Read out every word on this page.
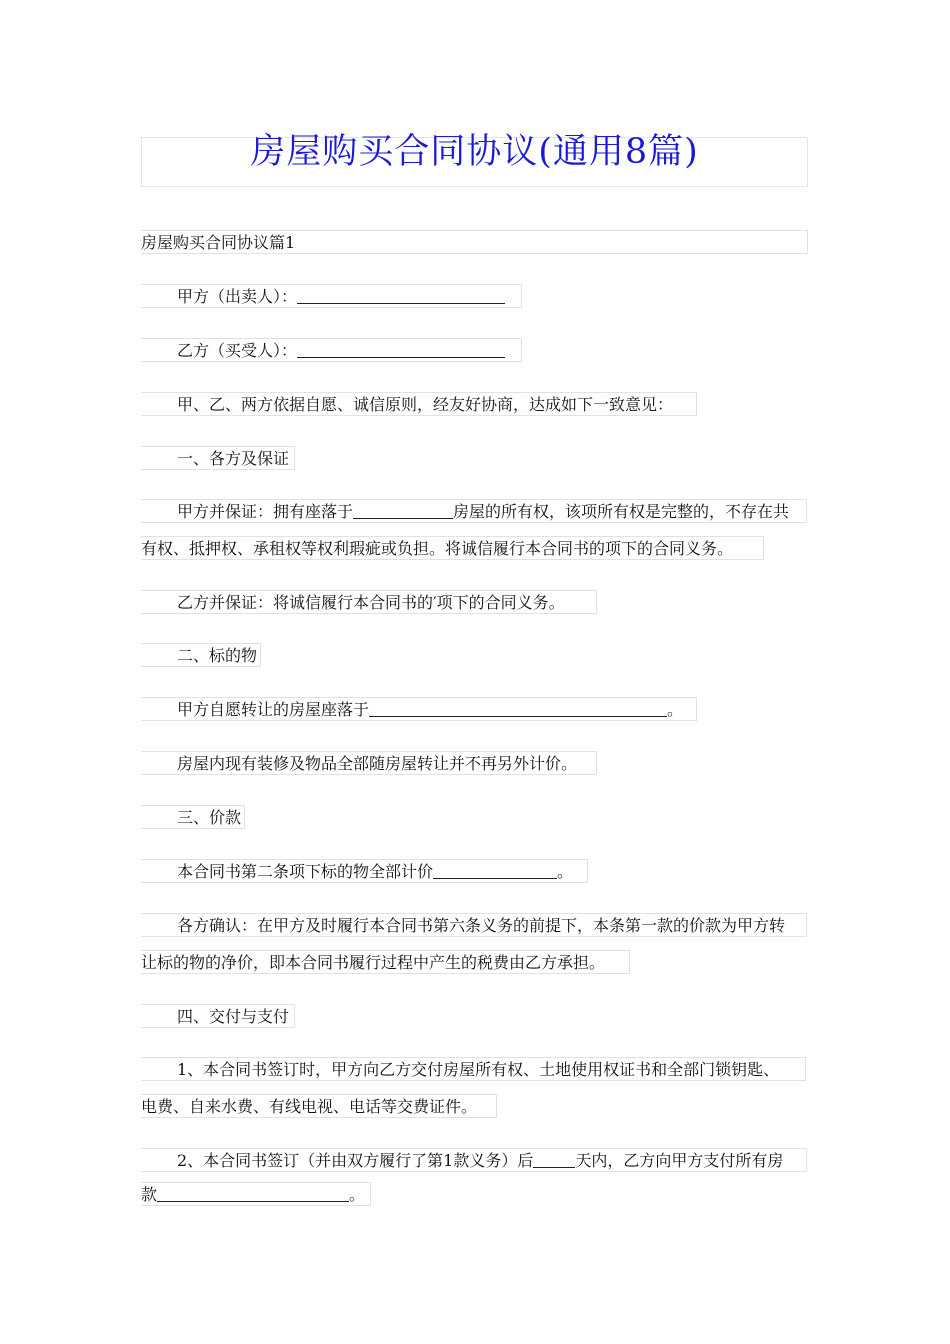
房屋购买合同协议(通用8篇)
房屋购买合同协议篇1
甲方（出卖人）：
乙方（买受人）：
甲、乙、两方依据自愿、诚信原则，经友好协商，达成如下一致意见：
一、各方及保证
甲方并保证：拥有座落于	房屋的所有权，该项所有权是完整的，不存在共
有权、抵押权、承租权等权利瑕疵或负担。将诚信履行本合同书的项下的合同义务。
乙方并保证：将诚信履行本合同书的′项下的合同义务。
二、标的物
甲方自愿转让的房屋座落于	。
房屋内现有装修及物品全部随房屋转让并不再另外计价。
三、价款
本合同书第二条项下标的物全部计价	。
各方确认：在甲方及时履行本合同书第六条义务的前提下，本条第一款的价款为甲方转
让标的物的净价，即本合同书履行过程中产生的税费由乙方承担。
四、交付与支付
1、本合同书签订时，甲方向乙方交付房屋所有权、土地使用权证书和全部门锁钥匙、
电费、自来水费、有线电视、电话等交费证件。
2、本合同书签订（并由双方履行了第1款义务）后	天内，乙方向甲方支付所有房
款	。
